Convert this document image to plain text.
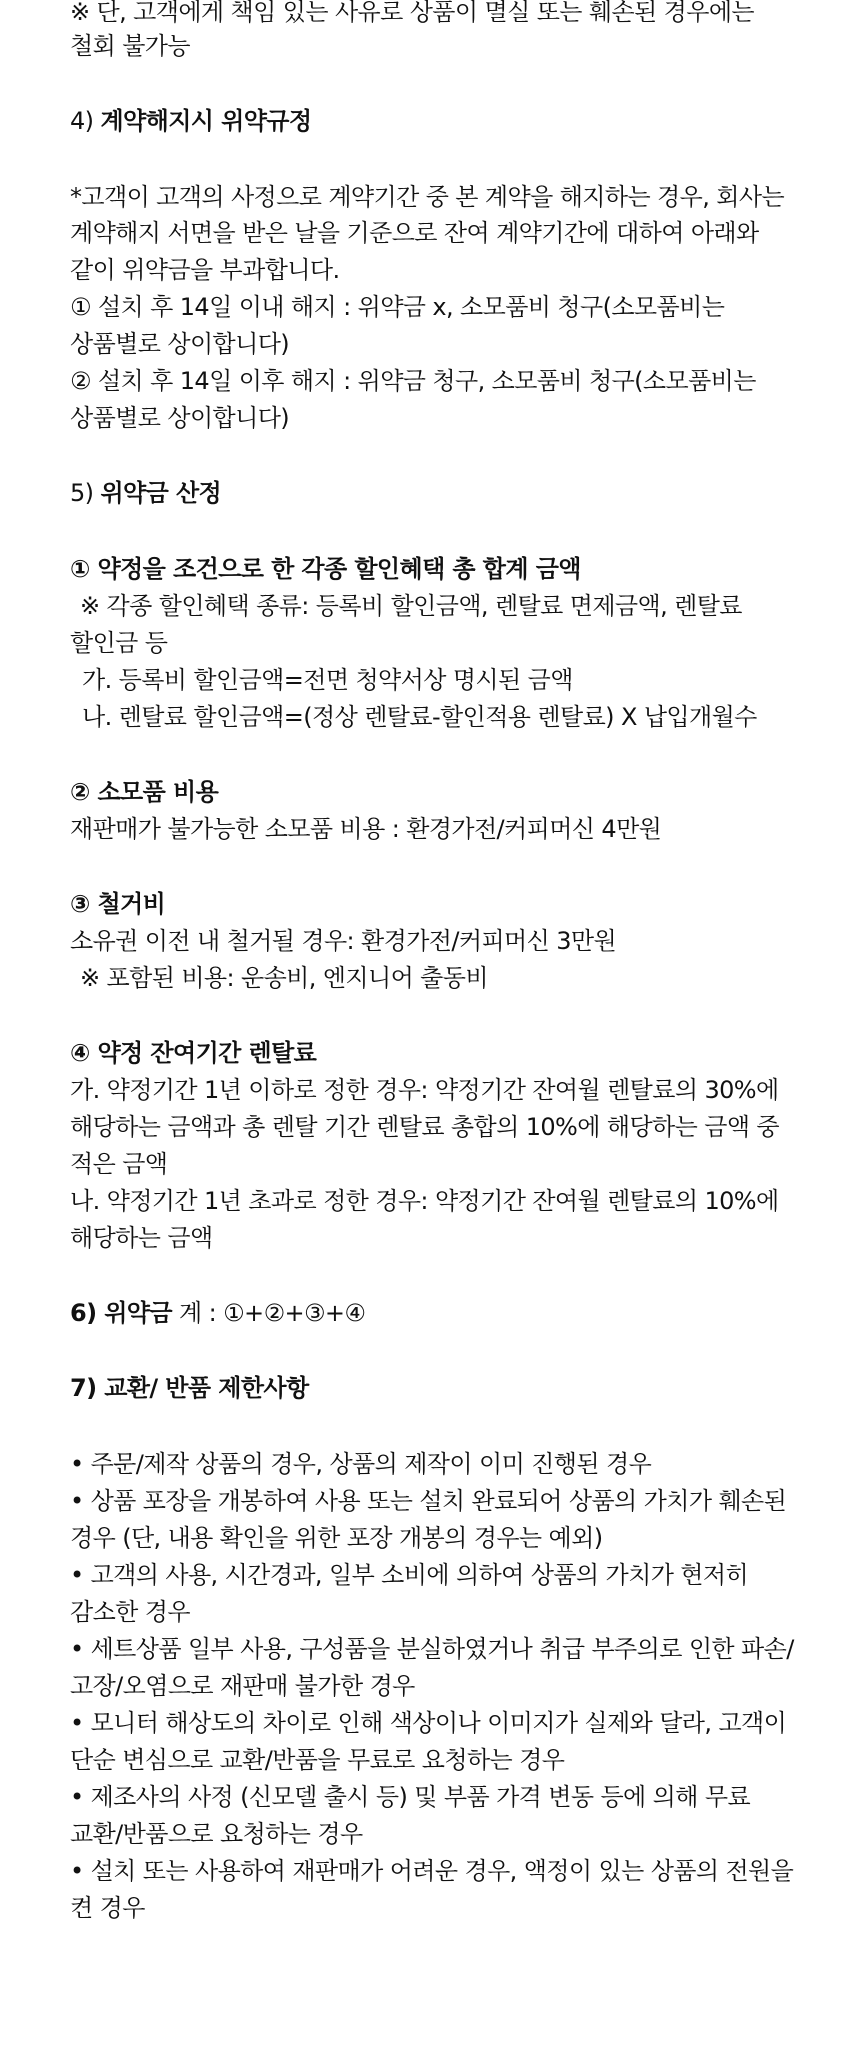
※ 단, 고객에게 책임 있는 사유로 상품이 멸실 또는 훼손된 경우에는
철회 불가능
4) 계약해지시 위약규정
*고객이 고객의 사정으로 계약기간 중 본 계약을 해지하는 경우, 회사는
계약해지 서면을 받은 날을 기준으로 잔여 계약기간에 대하여 아래와
같이 위약금을 부과합니다.
① 설치 후 14일 이내 해지 : 위약금 x, 소모품비 청구(소모품비는
상품별로 상이합니다)
② 설치 후 14일 이후 해지 : 위약금 청구, 소모품비 청구(소모품비는
상품별로 상이합니다)
5) 위약금 산정
① 약정을 조건으로 한 각종 할인혜택 총 합계 금액
※ 각종 할인혜택 종류: 등록비 할인금액, 렌탈료 면제금액, 렌탈료
할인금 등
가. 등록비 할인금액=전면 청약서상 명시된 금액
나. 렌탈료 할인금액=(정상 렌탈료-할인적용 렌탈료) X 납입개월수
② 소모품 비용
재판매가 불가능한 소모품 비용 : 환경가전/커피머신 4만원
③ 철거비
소유권 이전 내 철거될 경우: 환경가전/커피머신 3만원
※ 포함된 비용: 운송비, 엔지니어 출동비
④ 약정 잔여기간 렌탈료
가. 약정기간 1년 이하로 정한 경우: 약정기간 잔여월 렌탈료의 30%에
해당하는 금액과 총 렌탈 기간 렌탈료 총합의 10%에 해당하는 금액 중
적은 금액
나. 약정기간 1년 초과로 정한 경우: 약정기간 잔여월 렌탈료의 10%에
해당하는 금액
6) 위약금 계 : ①+②+③+④
7) 교환/ 반품 제한사항
• 주문/제작 상품의 경우, 상품의 제작이 이미 진행된 경우
• 상품 포장을 개봉하여 사용 또는 설치 완료되어 상품의 가치가 훼손된
경우 (단, 내용 확인을 위한 포장 개봉의 경우는 예외)
• 고객의 사용, 시간경과, 일부 소비에 의하여 상품의 가치가 현저히
감소한 경우
• 세트상품 일부 사용, 구성품을 분실하였거나 취급 부주의로 인한 파손/
고장/오염으로 재판매 불가한 경우
• 모니터 해상도의 차이로 인해 색상이나 이미지가 실제와 달라, 고객이
단순 변심으로 교환/반품을 무료로 요청하는 경우
• 제조사의 사정 (신모델 출시 등) 및 부품 가격 변동 등에 의해 무료
교환/반품으로 요청하는 경우
• 설치 또는 사용하여 재판매가 어려운 경우, 액정이 있는 상품의 전원을
켠 경우
